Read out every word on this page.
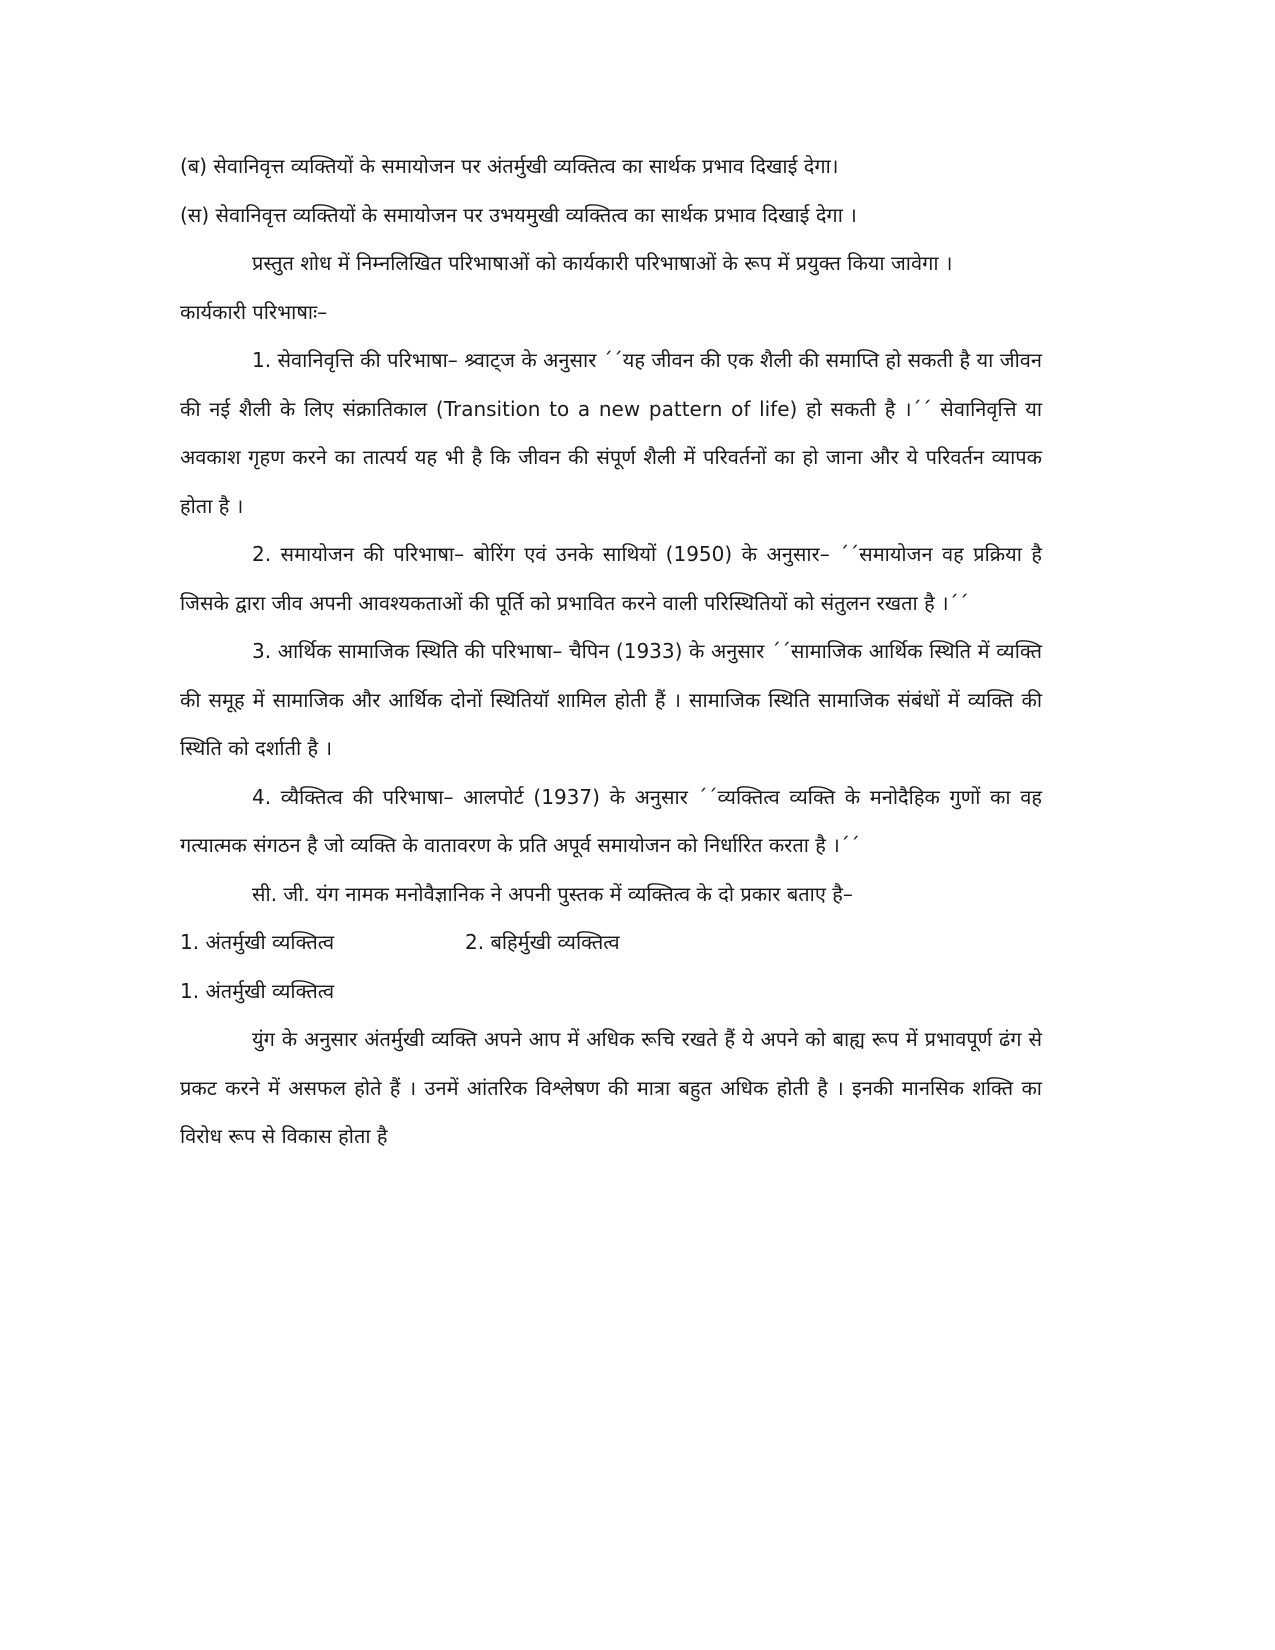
(ब) सेवानिवृत्त व्यक्तियों के समायोजन पर अंतर्मुखी व्यक्तित्व का सार्थक प्रभाव दिखाई देगा।

(स) सेवानिवृत्त व्यक्तियों के समायोजन पर उभयमुखी व्यक्तित्व का सार्थक प्रभाव दिखाई देगा ।

प्रस्तुत शोध में निम्नलिखित परिभाषाओं को कार्यकारी परिभाषाओं के रूप में प्रयुक्त किया जावेगा ।

कार्यकारी परिभाषाः–

1. सेवानिवृत्ति की परिभाषा– श्र्वाट्ज के अनुसार ´´यह जीवन की एक शैली की समाप्ति हो सकती है या जीवन की नई शैली के लिए संक्रातिकाल (Transition to a new pattern of life) हो सकती है ।´´ सेवानिवृत्ति या अवकाश गृहण करने का तात्पर्य यह भी है कि जीवन की संपूर्ण शैली में परिवर्तनों का हो जाना और ये परिवर्तन व्यापक होता है ।

2. समायोजन की परिभाषा– बोरिंग एवं उनके साथियों (1950) के अनुसार– ´´समायोजन वह प्रक्रिया है जिसके द्वारा जीव अपनी आवश्यकताओं की पूर्ति को प्रभावित करने वाली परिस्थितियों को संतुलन रखता है ।´´

3. आर्थिक सामाजिक स्थिति की परिभाषा– चैपिन (1933) के अनुसार ´´सामाजिक आर्थिक स्थिति में व्यक्ति की समूह में सामाजिक और आर्थिक दोनों स्थितियॉ शामिल होती हैं । सामाजिक स्थिति सामाजिक संबंधों में व्यक्ति की स्थिति को दर्शाती है ।

4. व्यैक्तित्व की परिभाषा– आलपोर्ट (1937) के अनुसार ´´व्यक्तित्व व्यक्ति के मनोदैहिक गुणों का वह गत्यात्मक संगठन है जो व्यक्ति के वातावरण के प्रति अपूर्व समायोजन को निर्धारित करता है ।´´

सी. जी. यंग नामक मनोवैज्ञानिक ने अपनी पुस्तक में व्यक्तित्व के दो प्रकार बताए है–

1. अंतर्मुखी व्यक्तित्व	2. बहिर्मुखी व्यक्तित्व

1. अंतर्मुखी व्यक्तित्व

युंग के अनुसार अंतर्मुखी व्यक्ति अपने आप में अधिक रूचि रखते हैं ये अपने को बाह्य रूप में प्रभावपूर्ण ढंग से प्रकट करने में असफल होते हैं । उनमें आंतरिक विश्लेषण की मात्रा बहुत अधिक होती है । इनकी मानसिक शक्ति का विरोध रूप से विकास होता है
